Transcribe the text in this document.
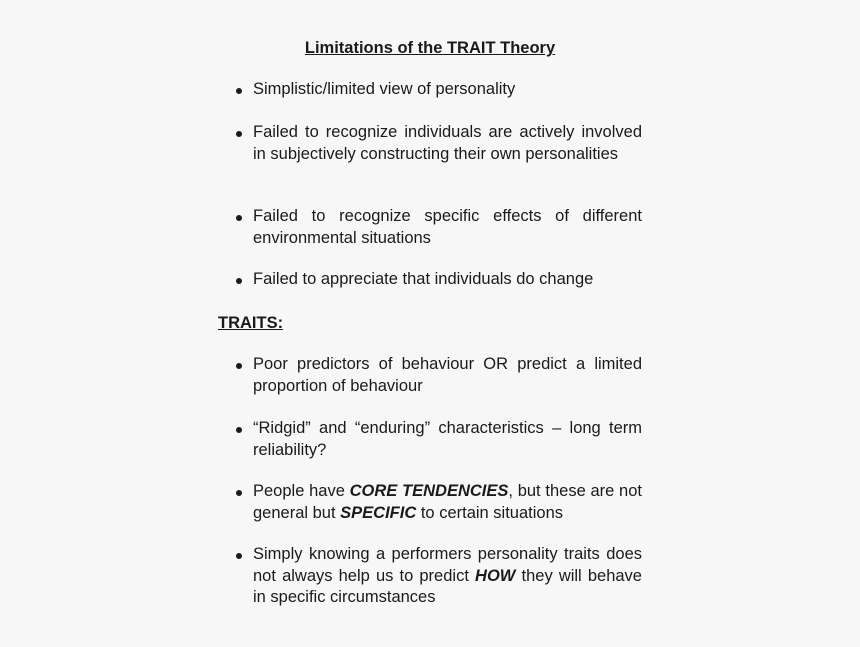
Limitations of the TRAIT Theory
Simplistic/limited view of personality
Failed to recognize individuals are actively involved in subjectively constructing their own personalities
Failed to recognize specific effects of different environmental situations
Failed to appreciate that individuals do change
TRAITS:
Poor predictors of behaviour OR predict a limited proportion of behaviour
“Ridgid” and “enduring” characteristics – long term reliability?
People have CORE TENDENCIES, but these are not general but SPECIFIC to certain situations
Simply knowing a performers personality traits does not always help us to predict HOW they will behave in specific circumstances
